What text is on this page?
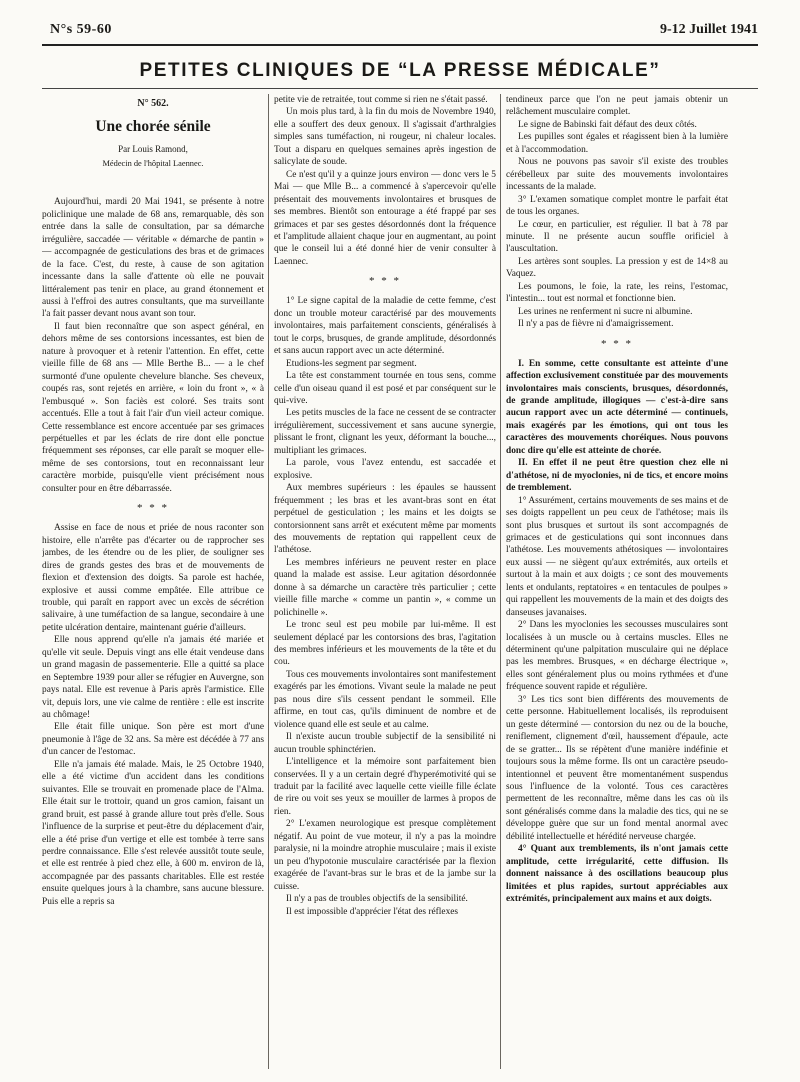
N°s 59-60	9-12 Juillet 1941
PETITES CLINIQUES DE “LA PRESSE MÉDICALE”
N° 562.
Une chorée sénile
Par Louis Ramond,
Médecin de l'hôpital Laennec.

Aujourd'hui, mardi 20 Mai 1941, se présente à notre policlinique une malade de 68 ans, remarquable, dès son entrée dans la salle de consultation, par sa démarche irrégulière, saccadée — véritable « démarche de pantin » — accompagnée de gesticulations des bras et de grimaces de la face. C'est, du reste, à cause de son agitation incessante dans la salle d'attente où elle ne pouvait littéralement pas tenir en place, au grand étonnement et aussi à l'effroi des autres consultants, que ma surveillante l'a fait passer devant nous avant son tour.

Il faut bien reconnaître que son aspect général, en dehors même de ses contorsions incessantes, est bien de nature à provoquer et à retenir l'attention. En effet, cette vieille fille de 68 ans — Mlle Berthe B... — a le chef surmonté d'une opulente chevelure blanche. Ses cheveux, coupés ras, sont rejetés en arrière, « loin du front », « à l'embusqué ». Son faciès est coloré. Ses traits sont accentués. Elle a tout à fait l'air d'un vieil acteur comique. Cette ressemblance est encore accentuée par ses grimaces perpétuelles et par les éclats de rire dont elle ponctue fréquemment ses réponses, car elle paraît se moquer elle-même de ses contorsions, tout en reconnaissant leur caractère morbide, puisqu'elle vient précisément nous consulter pour en être débarrassée.

* * *

Assise en face de nous et priée de nous raconter son histoire, elle n'arrête pas d'écarter ou de rapprocher ses jambes, de les étendre ou de les plier, de souligner ses dires de grands gestes des bras et de mouvements de flexion et d'extension des doigts. Sa parole est hachée, explosive et aussi comme empâtée. Elle attribue ce trouble, qui paraît en rapport avec un excès de sécrétion salivaire, à une tuméfaction de sa langue, secondaire à une petite ulcération dentaire, maintenant guérie d'ailleurs.

Elle nous apprend qu'elle n'a jamais été mariée et qu'elle vit seule. Depuis vingt ans elle était vendeuse dans un grand magasin de passementerie. Elle a quitté sa place en Septembre 1939 pour aller se réfugier en Auvergne, son pays natal. Elle est revenue à Paris après l'armistice. Elle vit, depuis lors, une vie calme de rentière : elle est inscrite au chômage!

Elle était fille unique. Son père est mort d'une pneumonie à l'âge de 32 ans. Sa mère est décédée à 77 ans d'un cancer de l'estomac.

Elle n'a jamais été malade. Mais, le 25 Octobre 1940, elle a été victime d'un accident dans les conditions suivantes. Elle se trouvait en promenade place de l'Alma. Elle était sur le trottoir, quand un gros camion, faisant un grand bruit, est passé à grande allure tout près d'elle. Sous l'influence de la surprise et peut-être du déplacement d'air, elle a été prise d'un vertige et elle est tombée à terre sans perdre connaissance. Elle s'est relevée aussitôt toute seule, et elle est rentrée à pied chez elle, à 600 m. environ de là, accompagnée par des passants charitables. Elle est restée ensuite quelques jours à la chambre, sans aucune blessure. Puis elle a repris sa

petite vie de retraitée, tout comme si rien ne s'était passé.

Un mois plus tard, à la fin du mois de Novembre 1940, elle a souffert des deux genoux. Il s'agissait d'arthralgies simples sans tuméfaction, ni rougeur, ni chaleur locales. Tout a disparu en quelques semaines après ingestion de salicylate de soude.

Ce n'est qu'il y a quinze jours environ — donc vers le 5 Mai — que Mlle B... a commencé à s'apercevoir qu'elle présentait des mouvements involontaires et brusques de ses membres. Bientôt son entourage a été frappé par ses grimaces et par ses gestes désordonnés dont la fréquence et l'amplitude allaient chaque jour en augmentant, au point que le conseil lui a été donné hier de venir consulter à Laennec.

* * *

1° Le signe capital de la maladie de cette femme, c'est donc un trouble moteur caractérisé par des mouvements involontaires, mais parfaitement conscients, généralisés à tout le corps, brusques, de grande amplitude, désordonnés et sans aucun rapport avec un acte déterminé.

Etudions-les segment par segment.

La tête est constamment tournée en tous sens, comme celle d'un oiseau quand il est posé et par conséquent sur le qui-vive.

Les petits muscles de la face ne cessent de se contracter irrégulièrement, successivement et sans aucune synergie, plissant le front, clignant les yeux, déformant la bouche..., multipliant les grimaces.

La parole, vous l'avez entendu, est saccadée et explosive.

Aux membres supérieurs : les épaules se haussent fréquemment ; les bras et les avant-bras sont en état perpétuel de gesticulation ; les mains et les doigts se contorsionnent sans arrêt et exécutent même par moments des mouvements de reptation qui rappellent ceux de l'athétose.

Les membres inférieurs ne peuvent rester en place quand la malade est assise. Leur agitation désordonnée donne à sa démarche un caractère très particulier ; cette vieille fille marche « comme un pantin », « comme un polichinelle ».

Le tronc seul est peu mobile par lui-même. Il est seulement déplacé par les contorsions des bras, l'agitation des membres inférieurs et les mouvements de la tête et du cou.

Tous ces mouvements involontaires sont manifestement exagérés par les émotions. Vivant seule la malade ne peut pas nous dire s'ils cessent pendant le sommeil. Elle affirme, en tout cas, qu'ils diminuent de nombre et de violence quand elle est seule et au calme.

Il n'existe aucun trouble subjectif de la sensibilité ni aucun trouble sphinctérien.

L'intelligence et la mémoire sont parfaitement bien conservées. Il y a un certain degré d'hyperémotivité qui se traduit par la facilité avec laquelle cette vieille fille éclate de rire ou voit ses yeux se mouiller de larmes à propos de rien.

2° L'examen neurologique est presque complètement négatif. Au point de vue moteur, il n'y a pas la moindre paralysie, ni la moindre atrophie musculaire ; mais il existe un peu d'hypotonie musculaire caractérisée par la flexion exagérée de l'avant-bras sur le bras et de la jambe sur la cuisse.

Il n'y a pas de troubles objectifs de la sensibilité.

Il est impossible d'apprécier l'état des réflexes

tendineux parce que l'on ne peut jamais obtenir un relâchement musculaire complet.

Le signe de Babinski fait défaut des deux côtés.

Les pupilles sont égales et réagissent bien à la lumière et à l'accommodation.

Nous ne pouvons pas savoir s'il existe des troubles cérébelleux par suite des mouvements involontaires incessants de la malade.

3° L'examen somatique complet montre le parfait état de tous les organes.

Le cœur, en particulier, est régulier. Il bat à 78 par minute. Il ne présente aucun souffle orificiel à l'auscultation.

Les artères sont souples. La pression y est de 14×8 au Vaquez.

Les poumons, le foie, la rate, les reins, l'estomac, l'intestin... tout est normal et fonctionne bien.

Les urines ne renferment ni sucre ni albumine.

Il n'y a pas de fièvre ni d'amaigrissement.

* * *

I. En somme, cette consultante est atteinte d'une affection exclusivement constituée par des mouvements involontaires mais conscients, brusques, désordonnés, de grande amplitude, illogiques — c'est-à-dire sans aucun rapport avec un acte déterminé — continuels, mais exagérés par les émotions, qui ont tous les caractères des mouvements choréiques. Nous pouvons donc dire qu'elle est atteinte de chorée.

II. En effet il ne peut être question chez elle ni d'athétose, ni de myoclonies, ni de tics, et encore moins de tremblement.

1° Assurément, certains mouvements de ses mains et de ses doigts rappellent un peu ceux de l'athétose; mais ils sont plus brusques et surtout ils sont accompagnés de grimaces et de gesticulations qui sont inconnues dans l'athétose. Les mouvements athétosiques — involontaires eux aussi — ne siègent qu'aux extrémités, aux orteils et surtout à la main et aux doigts ; ce sont des mouvements lents et ondulants, reptatoires « en tentacules de poulpes » qui rappellent les mouvements de la main et des doigts des danseuses javanaises.

2° Dans les myoclonies les secousses musculaires sont localisées à un muscle ou à certains muscles. Elles ne déterminent qu'une palpitation musculaire qui ne déplace pas les membres. Brusques, « en décharge électrique », elles sont généralement plus ou moins rythmées et d'une fréquence souvent rapide et régulière.

3° Les tics sont bien différents des mouvements de cette personne. Habituellement localisés, ils reproduisent un geste déterminé — contorsion du nez ou de la bouche, reniflement, clignement d'œil, haussement d'épaule, acte de se gratter... Ils se répètent d'une manière indéfinie et toujours sous la même forme. Ils ont un caractère pseudo-intentionnel et peuvent être momentanément suspendus sous l'influence de la volonté. Tous ces caractères permettent de les reconnaître, même dans les cas où ils sont généralisés comme dans la maladie des tics, qui ne se développe guère que sur un fond mental anormal avec débilité intellectuelle et hérédité nerveuse chargée.

4° Quant aux tremblements, ils n'ont jamais cette amplitude, cette irrégularité, cette diffusion. Ils donnent naissance à des oscillations beaucoup plus limitées et plus rapides, surtout appréciables aux extrémités, principalement aux mains et aux doigts.
